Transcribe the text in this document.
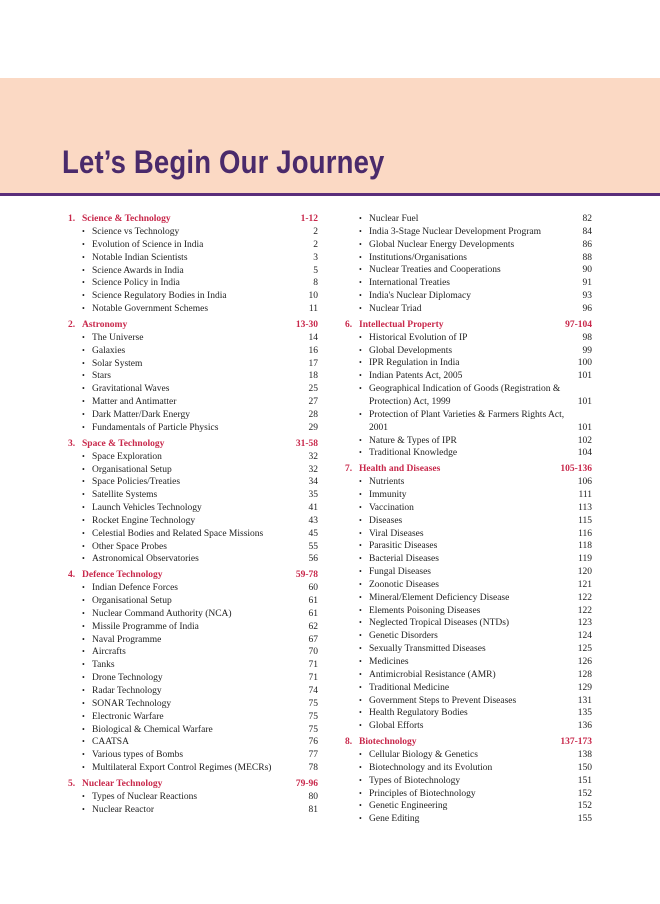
Let’s Begin Our Journey
1. Science & Technology	1-12
• Science vs Technology	2
• Evolution of Science in India	2
• Notable Indian Scientists	3
• Science Awards in India	5
• Science Policy in India	8
• Science Regulatory Bodies in India	10
• Notable Government Schemes	11
2. Astronomy	13-30
• The Universe	14
• Galaxies	16
• Solar System	17
• Stars	18
• Gravitational Waves	25
• Matter and Antimatter	27
• Dark Matter/Dark Energy	28
• Fundamentals of Particle Physics	29
3. Space & Technology	31-58
• Space Exploration	32
• Organisational Setup	32
• Space Policies/Treaties	34
• Satellite Systems	35
• Launch Vehicles Technology	41
• Rocket Engine Technology	43
• Celestial Bodies and Related Space Missions	45
• Other Space Probes	55
• Astronomical Observatories	56
4. Defence Technology	59-78
• Indian Defence Forces	60
• Organisational Setup	61
• Nuclear Command Authority (NCA)	61
• Missile Programme of India	62
• Naval Programme	67
• Aircrafts	70
• Tanks	71
• Drone Technology	71
• Radar Technology	74
• SONAR Technology	75
• Electronic Warfare	75
• Biological & Chemical Warfare	75
• CAATSA	76
• Various types of Bombs	77
• Multilateral Export Control Regimes (MECRs)	78
5. Nuclear Technology	79-96
• Types of Nuclear Reactions	80
• Nuclear Reactor	81
• Nuclear Fuel	82
• India 3-Stage Nuclear Development Program	84
• Global Nuclear Energy Developments	86
• Institutions/Organisations	88
• Nuclear Treaties and Cooperations	90
• International Treaties	91
• India's Nuclear Diplomacy	93
• Nuclear Triad	96
6. Intellectual Property	97-104
• Historical Evolution of IP	98
• Global Developments	99
• IPR Regulation in India	100
• Indian Patents Act, 2005	101
• Geographical Indication of Goods (Registration & Protection) Act, 1999	101
• Protection of Plant Varieties & Farmers Rights Act, 2001	101
• Nature & Types of IPR	102
• Traditional Knowledge	104
7. Health and Diseases	105-136
• Nutrients	106
• Immunity	111
• Vaccination	113
• Diseases	115
• Viral Diseases	116
• Parasitic Diseases	118
• Bacterial Diseases	119
• Fungal Diseases	120
• Zoonotic Diseases	121
• Mineral/Element Deficiency Disease	122
• Elements Poisoning Diseases	122
• Neglected Tropical Diseases (NTDs)	123
• Genetic Disorders	124
• Sexually Transmitted Diseases	125
• Medicines	126
• Antimicrobial Resistance (AMR)	128
• Traditional Medicine	129
• Government Steps to Prevent Diseases	131
• Health Regulatory Bodies	135
• Global Efforts	136
8. Biotechnology	137-173
• Cellular Biology & Genetics	138
• Biotechnology and its Evolution	150
• Types of Biotechnology	151
• Principles of Biotechnology	152
• Genetic Engineering	152
• Gene Editing	155
